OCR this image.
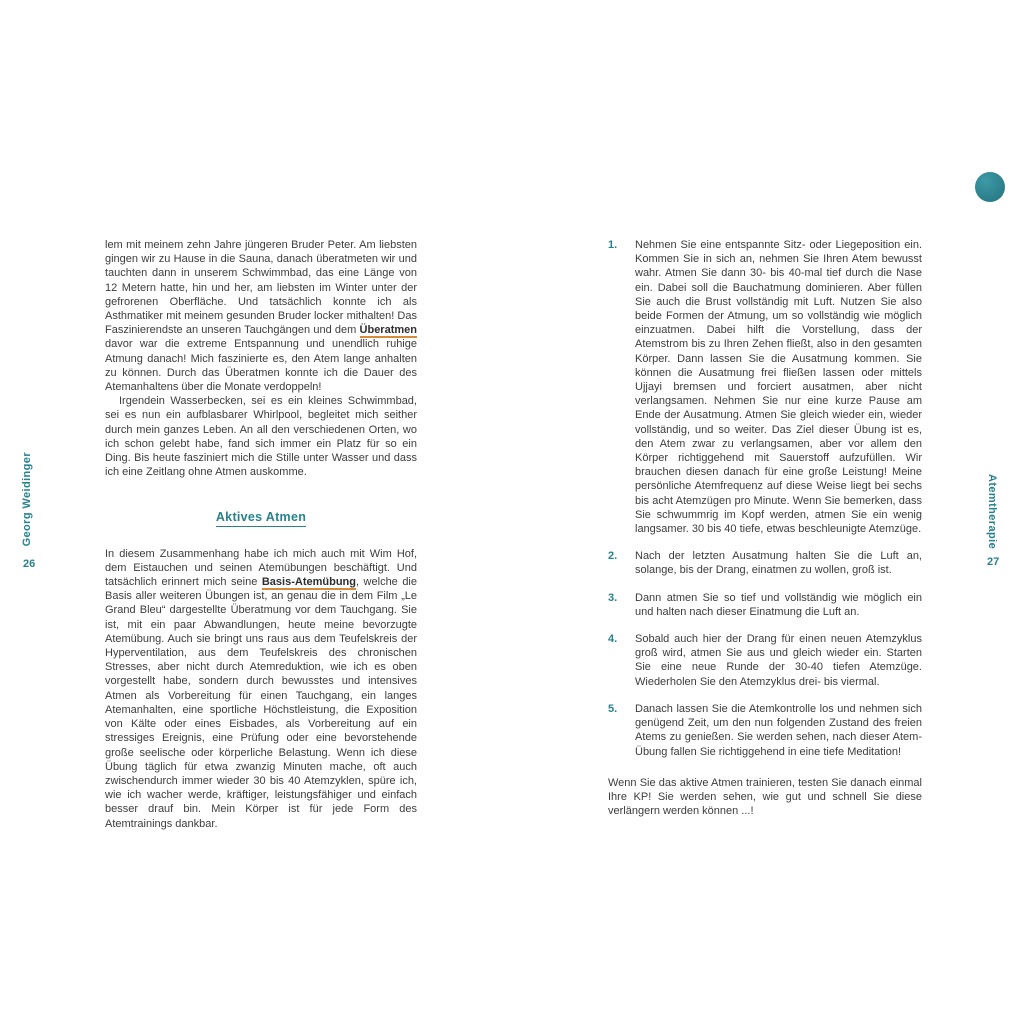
Georg Weidinger
26
Atemtherapie
27

lem mit meinem zehn Jahre jüngeren Bruder Peter. Am liebsten gingen wir zu Hause in die Sauna, danach überatmeten wir und tauchten dann in unserem Schwimmbad, das eine Länge von 12 Metern hatte, hin und her, am liebsten im Winter unter der gefrorenen Oberfläche. Und tatsächlich konnte ich als Asthmatiker mit meinem gesunden Bruder locker mithalten! Das Faszinierendste an unseren Tauchgängen und dem Überatmen davor war die extreme Entspannung und unendlich ruhige Atmung danach! Mich faszinierte es, den Atem lange anhalten zu können. Durch das Überatmen konnte ich die Dauer des Atemanhaltens über die Monate verdoppeln!

Irgendein Wasserbecken, sei es ein kleines Schwimmbad, sei es nun ein aufblasbarer Whirlpool, begleitet mich seither durch mein ganzes Leben. An all den verschiedenen Orten, wo ich schon gelebt habe, fand sich immer ein Platz für so ein Ding. Bis heute fasziniert mich die Stille unter Wasser und dass ich eine Zeitlang ohne Atmen auskomme.

Aktives Atmen

In diesem Zusammenhang habe ich mich auch mit Wim Hof, dem Eistauchen und seinen Atemübungen beschäftigt. Und tatsächlich erinnert mich seine Basis-Atemübung, welche die Basis aller weiteren Übungen ist, an genau die in dem Film „Le Grand Bleu“ dargestellte Überatmung vor dem Tauchgang. Sie ist, mit ein paar Abwandlungen, heute meine bevorzugte Atemübung. Auch sie bringt uns raus aus dem Teufelskreis der Hyperventilation, aus dem Teufelskreis des chronischen Stresses, aber nicht durch Atemreduktion, wie ich es oben vorgestellt habe, sondern durch bewusstes und intensives Atmen als Vorbereitung für einen Tauchgang, ein langes Atemanhalten, eine sportliche Höchstleistung, die Exposition von Kälte oder eines Eisbades, als Vorbereitung auf ein stressiges Ereignis, eine Prüfung oder eine bevorstehende große seelische oder körperliche Belastung. Wenn ich diese Übung täglich für etwa zwanzig Minuten mache, oft auch zwischendurch immer wieder 30 bis 40 Atemzyklen, spüre ich, wie ich wacher werde, kräftiger, leistungsfähiger und einfach besser drauf bin. Mein Körper ist für jede Form des Atemtrainings dankbar.

1. Nehmen Sie eine entspannte Sitz- oder Liegeposition ein. Kommen Sie in sich an, nehmen Sie Ihren Atem bewusst wahr. Atmen Sie dann 30- bis 40-mal tief durch die Nase ein. Dabei soll die Bauchatmung dominieren. Aber füllen Sie auch die Brust vollständig mit Luft. Nutzen Sie also beide Formen der Atmung, um so vollständig wie möglich einzuatmen. Dabei hilft die Vorstellung, dass der Atemstrom bis zu Ihren Zehen fließt, also in den gesamten Körper. Dann lassen Sie die Ausatmung kommen. Sie können die Ausatmung frei fließen lassen oder mittels Ujjayi bremsen und forciert ausatmen, aber nicht verlangsamen. Nehmen Sie nur eine kurze Pause am Ende der Ausatmung. Atmen Sie gleich wieder ein, wieder vollständig, und so weiter. Das Ziel dieser Übung ist es, den Atem zwar zu verlangsamen, aber vor allem den Körper richtiggehend mit Sauerstoff aufzufüllen. Wir brauchen diesen danach für eine große Leistung! Meine persönliche Atemfrequenz auf diese Weise liegt bei sechs bis acht Atemzügen pro Minute. Wenn Sie bemerken, dass Sie schwummrig im Kopf werden, atmen Sie ein wenig langsamer. 30 bis 40 tiefe, etwas beschleunigte Atemzüge.
2. Nach der letzten Ausatmung halten Sie die Luft an, solange, bis der Drang, einatmen zu wollen, groß ist.
3. Dann atmen Sie so tief und vollständig wie möglich ein und halten nach dieser Einatmung die Luft an.
4. Sobald auch hier der Drang für einen neuen Atemzyklus groß wird, atmen Sie aus und gleich wieder ein. Starten Sie eine neue Runde der 30-40 tiefen Atemzüge. Wiederholen Sie den Atemzyklus drei- bis viermal.
5. Danach lassen Sie die Atemkontrolle los und nehmen sich genügend Zeit, um den nun folgenden Zustand des freien Atems zu genießen. Sie werden sehen, nach dieser Atem-Übung fallen Sie richtiggehend in eine tiefe Meditation!

Wenn Sie das aktive Atmen trainieren, testen Sie danach einmal Ihre KP! Sie werden sehen, wie gut und schnell Sie diese verlängern werden können ...!
